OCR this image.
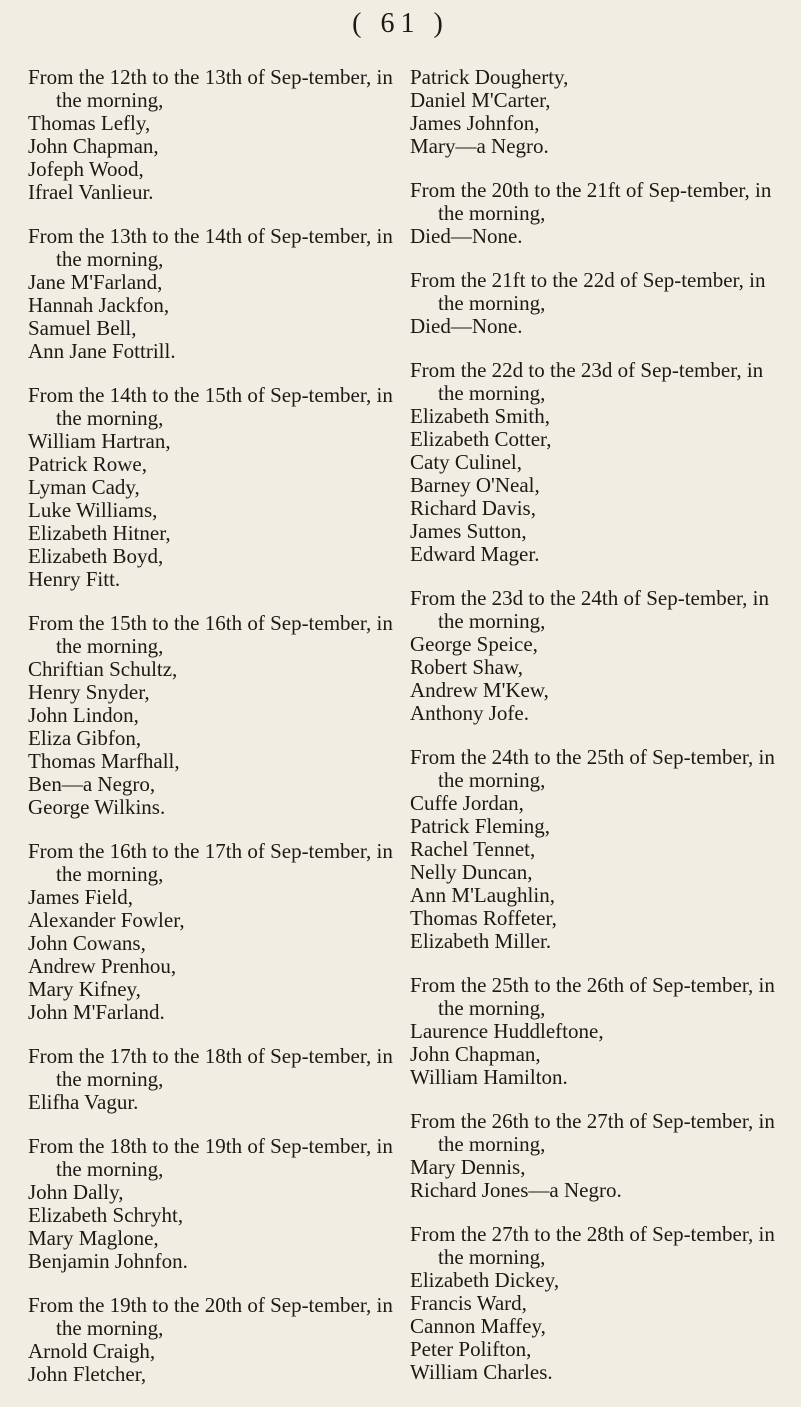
( 61 )
From the 12th to the 13th of Sep-tember, in the morning,
Thomas Lefly,
John Chapman,
Jofeph Wood,
Ifrael Vanlieur.
From the 13th to the 14th of Sep-tember, in the morning,
Jane M'Farland,
Hannah Jackfon,
Samuel Bell,
Ann Jane Fottrill.
From the 14th to the 15th of Sep-tember, in the morning,
William Hartran,
Patrick Rowe,
Lyman Cady,
Luke Williams,
Elizabeth Hitner,
Elizabeth Boyd,
Henry Fitt.
From the 15th to the 16th of Sep-tember, in the morning,
Chriftian Schultz,
Henry Snyder,
John Lindon,
Eliza Gibfon,
Thomas Marfhall,
Ben—a Negro,
George Wilkins.
From the 16th to the 17th of Sep-tember, in the morning,
James Field,
Alexander Fowler,
John Cowans,
Andrew Prenhou,
Mary Kifney,
John M'Farland.
From the 17th to the 18th of Sep-tember, in the morning,
Elifha Vagur.
From the 18th to the 19th of Sep-tember, in the morning,
John Dally,
Elizabeth Schryht,
Mary Maglone,
Benjamin Johnfon.
From the 19th to the 20th of Sep-tember, in the morning,
Arnold Craigh,
John Fletcher,
Patrick Dougherty,
Daniel M'Carter,
James Johnfon,
Mary—a Negro.
From the 20th to the 21ft of Sep-tember, in the morning,
Died—None.
From the 21ft to the 22d of Sep-tember, in the morning,
Died—None.
From the 22d to the 23d of Sep-tember, in the morning,
Elizabeth Smith,
Elizabeth Cotter,
Caty Culinel,
Barney O'Neal,
Richard Davis,
James Sutton,
Edward Mager.
From the 23d to the 24th of Sep-tember, in the morning,
George Speice,
Robert Shaw,
Andrew M'Kew,
Anthony Jofe.
From the 24th to the 25th of Sep-tember, in the morning,
Cuffe Jordan,
Patrick Fleming,
Rachel Tennet,
Nelly Duncan,
Ann M'Laughlin,
Thomas Roffeter,
Elizabeth Miller.
From the 25th to the 26th of Sep-tember, in the morning,
Laurence Huddleftone,
John Chapman,
William Hamilton.
From the 26th to the 27th of Sep-tember, in the morning,
Mary Dennis,
Richard Jones—a Negro.
From the 27th to the 28th of Sep-tember, in the morning,
Elizabeth Dickey,
Francis Ward,
Cannon Maffey,
Peter Polifton,
William Charles.
